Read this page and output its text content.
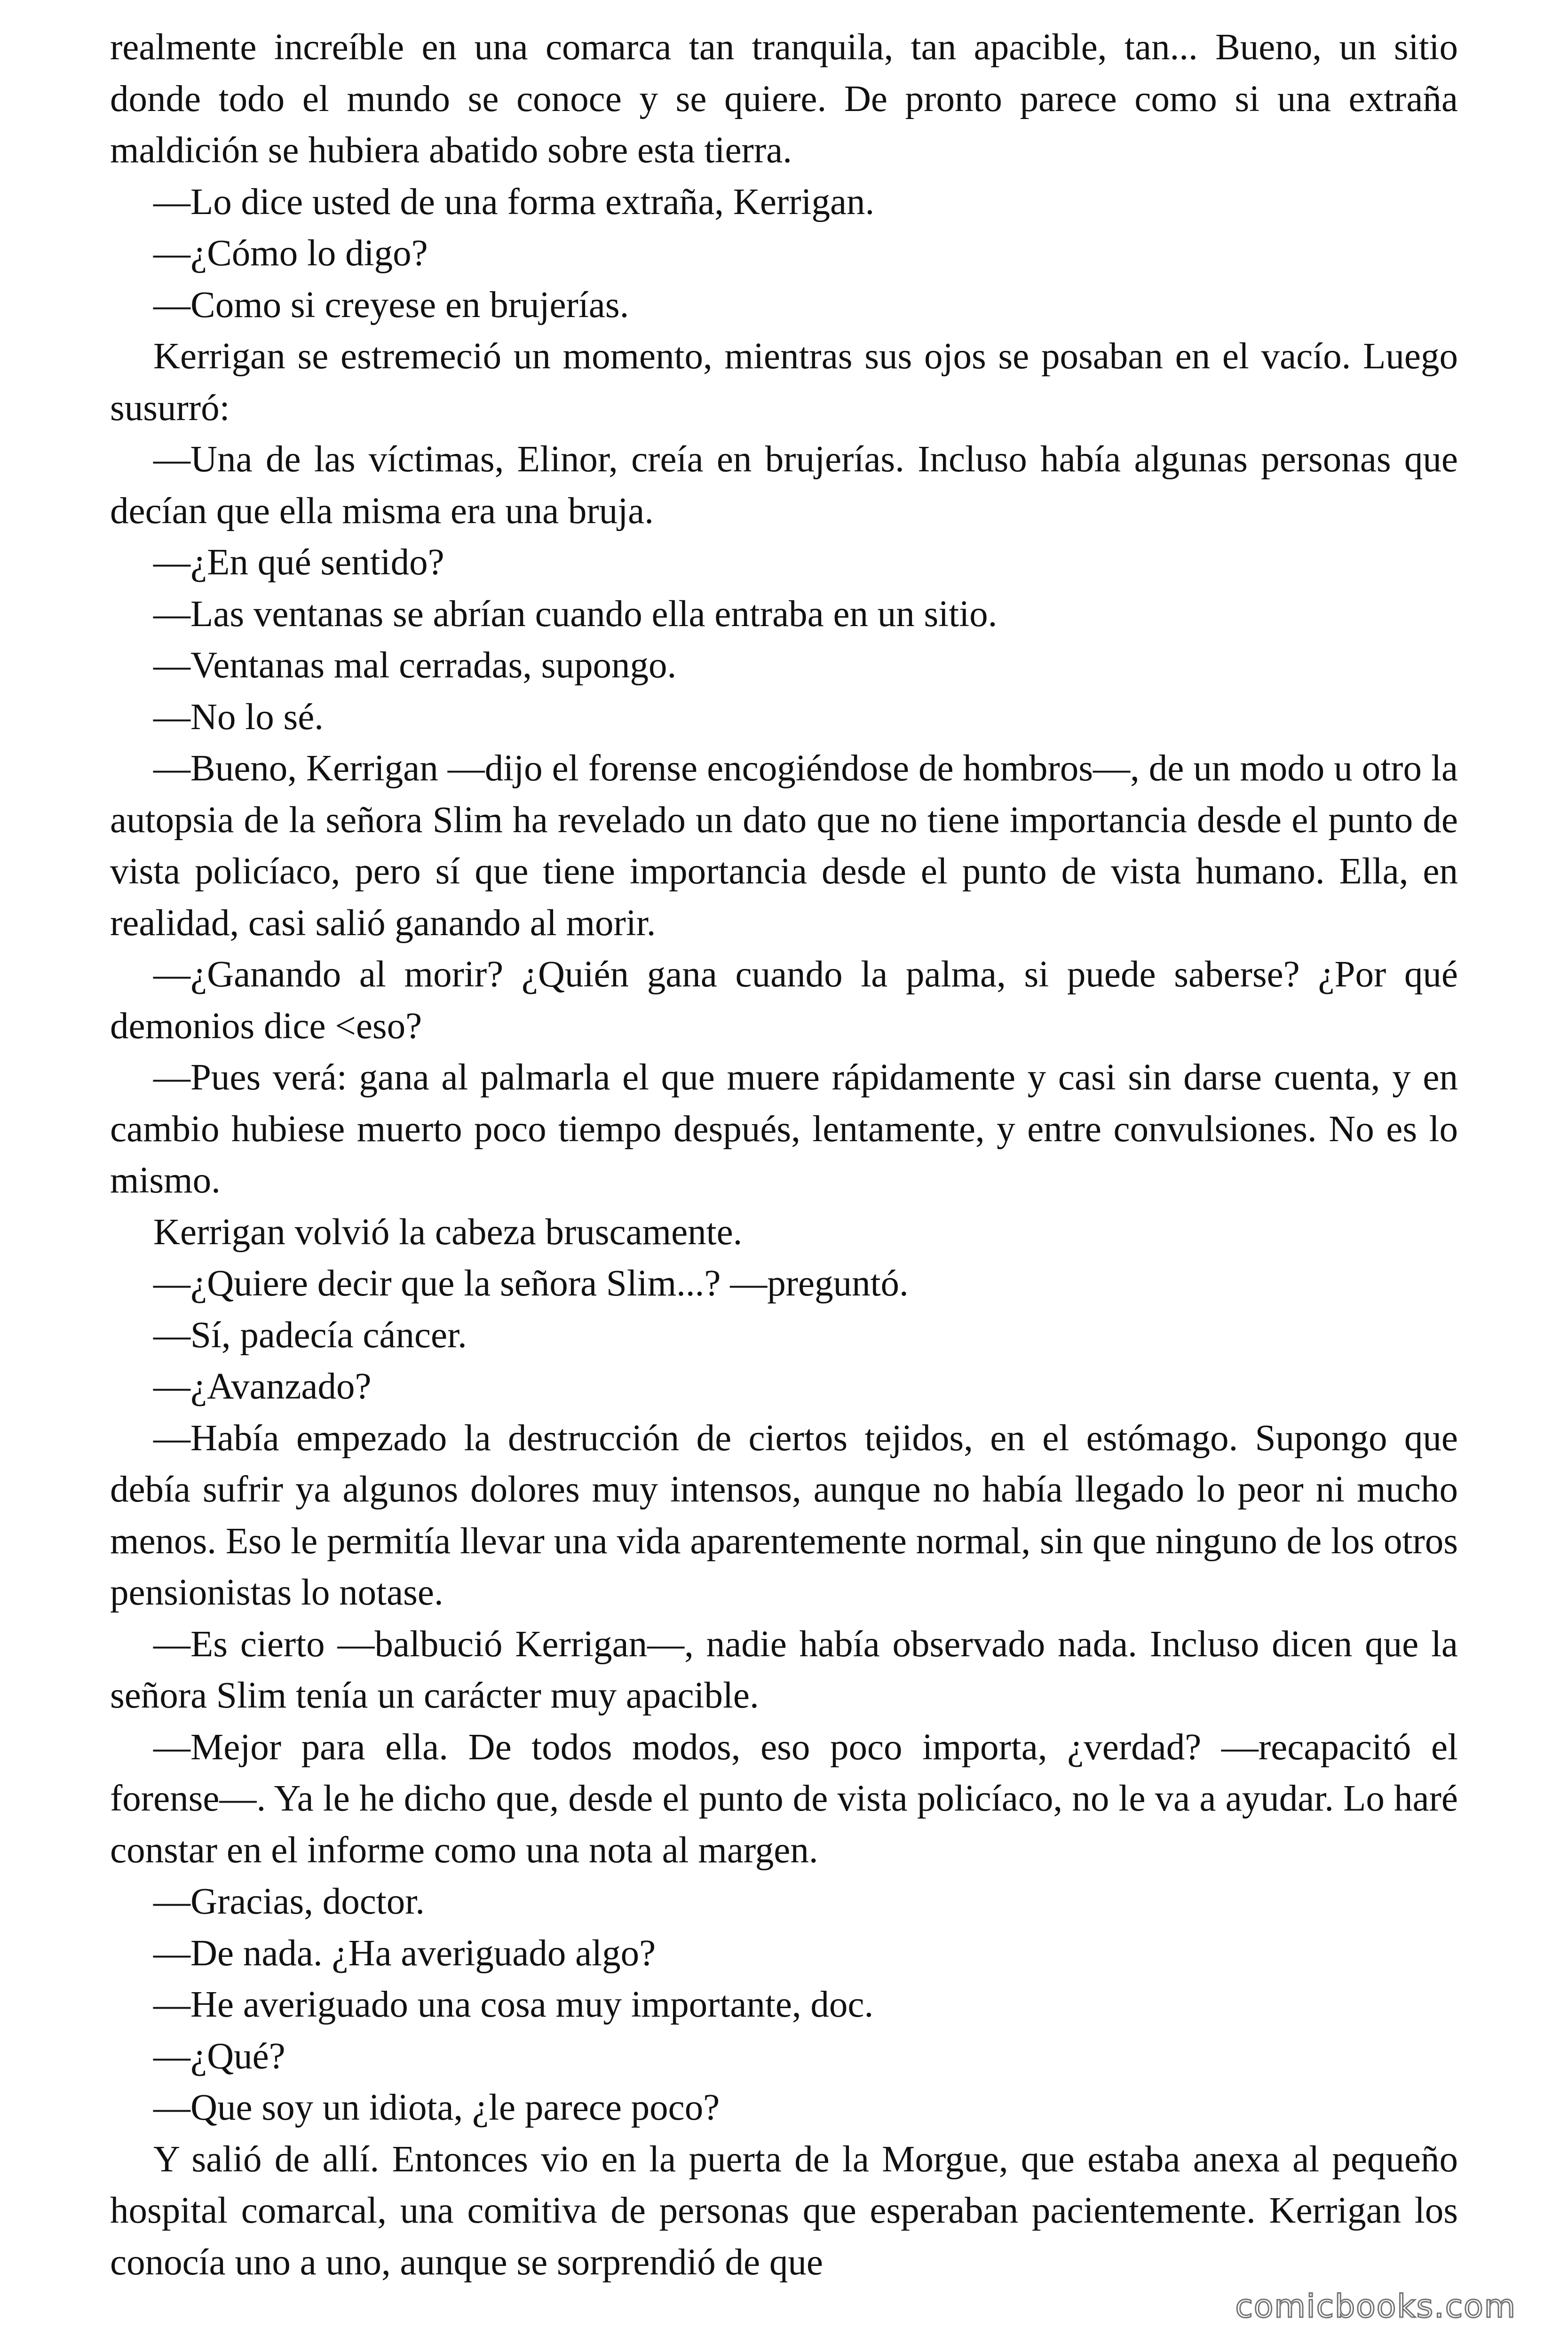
realmente increíble en una comarca tan tranquila, tan apacible, tan... Bueno, un sitio donde todo el mundo se conoce y se quiere. De pronto parece como si una extraña maldición se hubiera abatido sobre esta tierra.

—Lo dice usted de una forma extraña, Kerrigan.

—¿Cómo lo digo?

—Como si creyese en brujerías.

Kerrigan se estremeció un momento, mientras sus ojos se posaban en el vacío. Luego susurró:

—Una de las víctimas, Elinor, creía en brujerías. Incluso había algunas personas que decían que ella misma era una bruja.

—¿En qué sentido?

—Las ventanas se abrían cuando ella entraba en un sitio.

—Ventanas mal cerradas, supongo.

—No lo sé.

—Bueno, Kerrigan —dijo el forense encogiéndose de hombros—, de un modo u otro la autopsia de la señora Slim ha revelado un dato que no tiene importancia desde el punto de vista policíaco, pero sí que tiene importancia desde el punto de vista humano. Ella, en realidad, casi salió ganando al morir.

—¿Ganando al morir? ¿Quién gana cuando la palma, si puede saberse? ¿Por qué demonios dice <eso?

—Pues verá: gana al palmarla el que muere rápidamente y casi sin darse cuenta, y en cambio hubiese muerto poco tiempo después, lentamente, y entre convulsiones. No es lo mismo.

Kerrigan volvió la cabeza bruscamente.

—¿Quiere decir que la señora Slim...? —preguntó.

—Sí, padecía cáncer.

—¿Avanzado?

—Había empezado la destrucción de ciertos tejidos, en el estómago. Supongo que debía sufrir ya algunos dolores muy intensos, aunque no había llegado lo peor ni mucho menos. Eso le permitía llevar una vida aparentemente normal, sin que ninguno de los otros pensionistas lo notase.

—Es cierto —balbució Kerrigan—, nadie había observado nada. Incluso dicen que la señora Slim tenía un carácter muy apacible.

—Mejor para ella. De todos modos, eso poco importa, ¿verdad? —recapacitó el forense—. Ya le he dicho que, desde el punto de vista policíaco, no le va a ayudar. Lo haré constar en el informe como una nota al margen.

—Gracias, doctor.

—De nada. ¿Ha averiguado algo?

—He averiguado una cosa muy importante, doc.

—¿Qué?

—Que soy un idiota, ¿le parece poco?

Y salió de allí. Entonces vio en la puerta de la Morgue, que estaba anexa al pequeño hospital comarcal, una comitiva de personas que esperaban pacientemente. Kerrigan los conocía uno a uno, aunque se sorprendió de que

comicbooks.com
